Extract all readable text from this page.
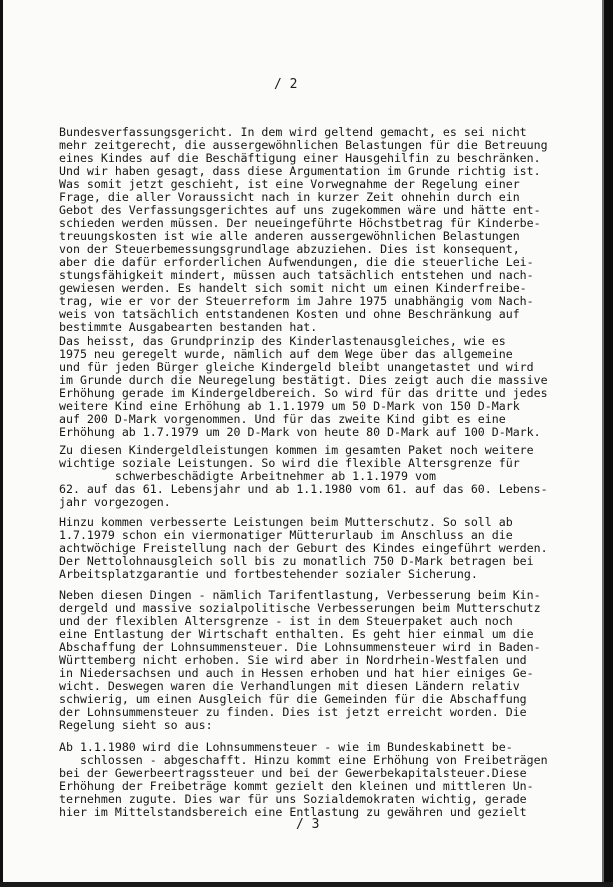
/ 2
Bundesverfassungsgericht. In dem wird geltend gemacht, es sei nicht
mehr zeitgerecht, die aussergewöhnlichen Belastungen für die Betreuung
eines Kindes auf die Beschäftigung einer Hausgehilfin zu beschränken.
Und wir haben gesagt, dass diese Argumentation im Grunde richtig ist.
Was somit jetzt geschieht, ist eine Vorwegnahme der Regelung einer
Frage, die aller Voraussicht nach in kurzer Zeit ohnehin durch ein
Gebot des Verfassungsgerichtes auf uns zugekommen wäre und hätte ent-
schieden werden müssen. Der neueingeführte Höchstbetrag für Kinderbe-
treuungskosten ist wie alle anderen aussergewöhnlichen Belastungen
von der Steuerbemessungsgrundlage abzuziehen. Dies ist konsequent,
aber die dafür erforderlichen Aufwendungen, die die steuerliche Lei-
stungsfähigkeit mindert, müssen auch tatsächlich entstehen und nach-
gewiesen werden. Es handelt sich somit nicht um einen Kinderfreibe-
trag, wie er vor der Steuerreform im Jahre 1975 unabhängig vom Nach-
weis von tatsächlich entstandenen Kosten und ohne Beschränkung auf
bestimmte Ausgabearten bestanden hat.
Das heisst, das Grundprinzip des Kinderlastenausgleiches, wie es
1975 neu geregelt wurde, nämlich auf dem Wege über das allgemeine
und für jeden Bürger gleiche Kindergeld bleibt unangetastet und wird
im Grunde durch die Neuregelung bestätigt. Dies zeigt auch die massive
Erhöhung gerade im Kindergeldbereich. So wird für das dritte und jedes
weitere Kind eine Erhöhung ab 1.1.1979 um 50 D-Mark von 150 D-Mark
auf 200 D-Mark vorgenommen. Und für das zweite Kind gibt es eine
Erhöhung ab 1.7.1979 um 20 D-Mark von heute 80 D-Mark auf 100 D-Mark.
Zu diesen Kindergeldleistungen kommen im gesamten Paket noch weitere
wichtige soziale Leistungen. So wird die flexible Altersgrenze für
schwerbeschädigte Arbeitnehmer ab 1.1.1979 vom
62. auf das 61. Lebensjahr und ab 1.1.1980 vom 61. auf das 60. Lebens-
jahr vorgezogen.
Hinzu kommen verbesserte Leistungen beim Mutterschutz. So soll ab
1.7.1979 schon ein viermonatiger Mütterurlaub im Anschluss an die
achtwöchige Freistellung nach der Geburt des Kindes eingeführt werden.
Der Nettolohnausgleich soll bis zu monatlich 750 D-Mark betragen bei
Arbeitsplatzgarantie und fortbestehender sozialer Sicherung.
Neben diesen Dingen - nämlich Tarifentlastung, Verbesserung beim Kin-
dergeld und massive sozialpolitische Verbesserungen beim Mutterschutz
und der flexiblen Altersgrenze - ist in dem Steuerpaket auch noch
eine Entlastung der Wirtschaft enthalten. Es geht hier einmal um die
Abschaffung der Lohnsummensteuer. Die Lohnsummensteuer wird in Baden-
Württemberg nicht erhoben. Sie wird aber in Nordrhein-Westfalen und
in Niedersachsen und auch in Hessen erhoben und hat hier einiges Ge-
wicht. Deswegen waren die Verhandlungen mit diesen Ländern relativ
schwierig, um einen Ausgleich für die Gemeinden für die Abschaffung
der Lohnsummensteuer zu finden. Dies ist jetzt erreicht worden. Die
Regelung sieht so aus:
Ab 1.1.1980 wird die Lohnsummensteuer - wie im Bundeskabinett be-
schlossen - abgeschafft. Hinzu kommt eine Erhöhung von Freibeträgen
bei der Gewerbeertragssteuer und bei der Gewerbekapitalsteuer.Diese
Erhöhung der Freibeträge kommt gezielt den kleinen und mittleren Un-
ternehmen zugute. Dies war für uns Sozialdemokraten wichtig, gerade
hier im Mittelstandsbereich eine Entlastung zu gewähren und gezielt
/ 3
